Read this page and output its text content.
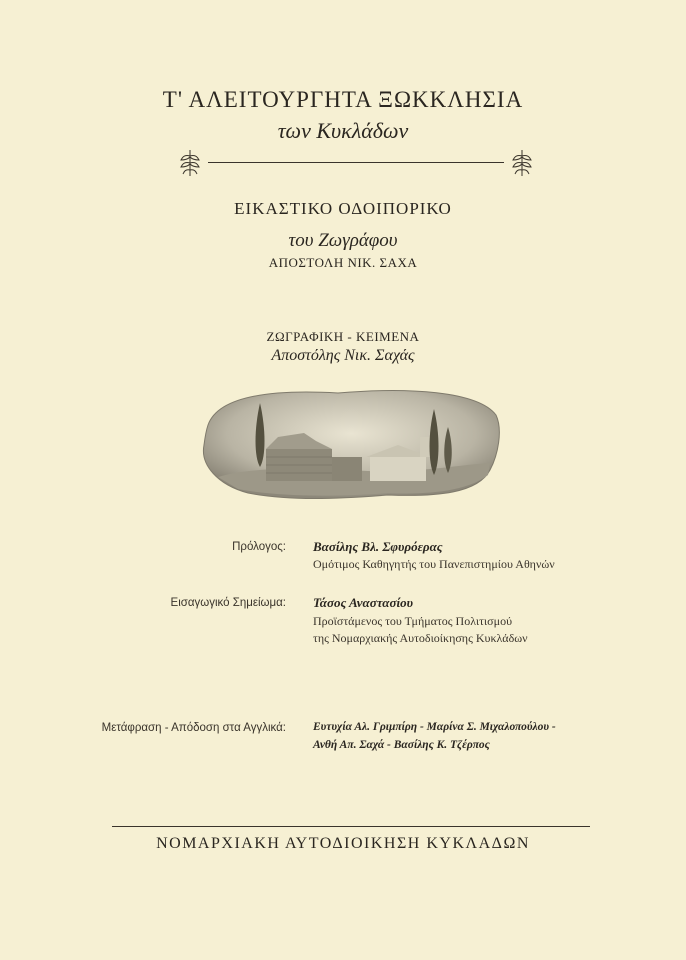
Τ' ΑΛΕΙΤΟΥΡΓΗΤΑ ΞΩΚΚΛΗΣΙΑ
των Κυκλάδων
ΕΙΚΑΣΤΙΚΟ ΟΔΟΙΠΟΡΙΚΟ
του Ζωγράφου
ΑΠΟΣΤΟΛΗ ΝΙΚ. ΣΑΧΑ
ΖΩΓΡΑΦΙΚΗ - ΚΕΙΜΕΝΑ
Αποστόλης Νικ. Σαχάς
Πρόλογος: Βασίλης Βλ. Σφυρόερας
Ομότιμος Καθηγητής του Πανεπιστημίου Αθηνών
Εισαγωγικό Σημείωμα: Τάσος Αναστασίου
Προϊστάμενος του Τμήματος Πολιτισμού
της Νομαρχιακής Αυτοδιοίκησης Κυκλάδων
Μετάφραση - Απόδοση στα Αγγλικά: Ευτυχία Αλ. Γριμπίρη - Μαρίνα Σ. Μιχαλοπούλου -
Ανθή Απ. Σαχά - Βασίλης Κ. Τζέρπος
ΝΟΜΑΡΧΙΑΚΗ ΑΥΤΟΔΙΟΙΚΗΣΗ ΚΥΚΛΑΔΩΝ
